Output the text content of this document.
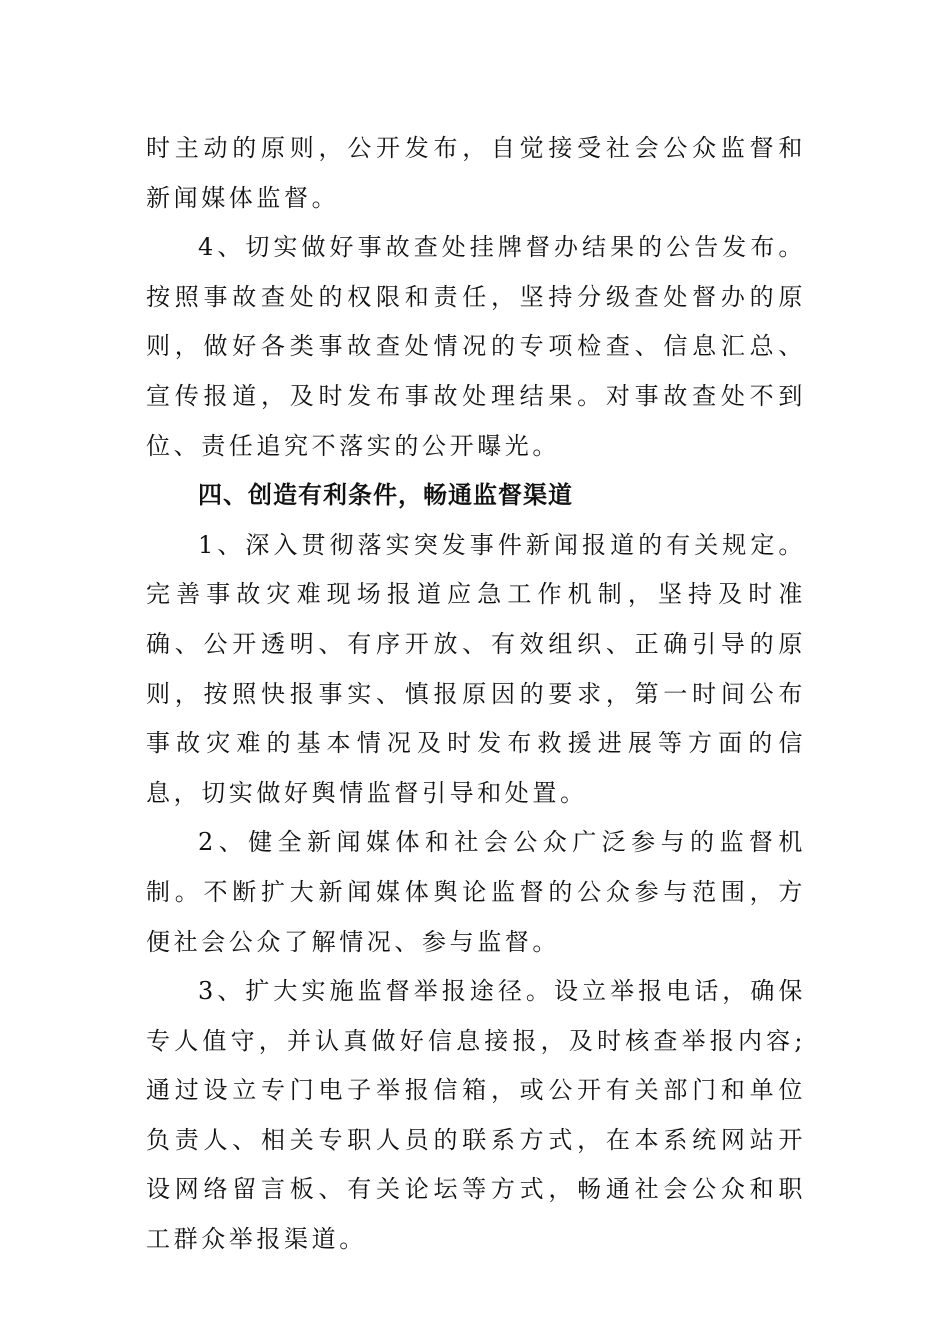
时主动的原则，公开发布，自觉接受社会公众监督和新闻媒体监督。

4、切实做好事故查处挂牌督办结果的公告发布。按照事故查处的权限和责任，坚持分级查处督办的原则，做好各类事故查处情况的专项检查、信息汇总、宣传报道，及时发布事故处理结果。对事故查处不到位、责任追究不落实的公开曝光。

四、创造有利条件，畅通监督渠道

1、深入贯彻落实突发事件新闻报道的有关规定。完善事故灾难现场报道应急工作机制，坚持及时准确、公开透明、有序开放、有效组织、正确引导的原则，按照快报事实、慎报原因的要求，第一时间公布事故灾难的基本情况及时发布救援进展等方面的信息，切实做好舆情监督引导和处置。

2、健全新闻媒体和社会公众广泛参与的监督机制。不断扩大新闻媒体舆论监督的公众参与范围，方便社会公众了解情况、参与监督。

3、扩大实施监督举报途径。设立举报电话，确保专人值守，并认真做好信息接报，及时核查举报内容;通过设立专门电子举报信箱，或公开有关部门和单位负责人、相关专职人员的联系方式，在本系统网站开设网络留言板、有关论坛等方式，畅通社会公众和职工群众举报渠道。
